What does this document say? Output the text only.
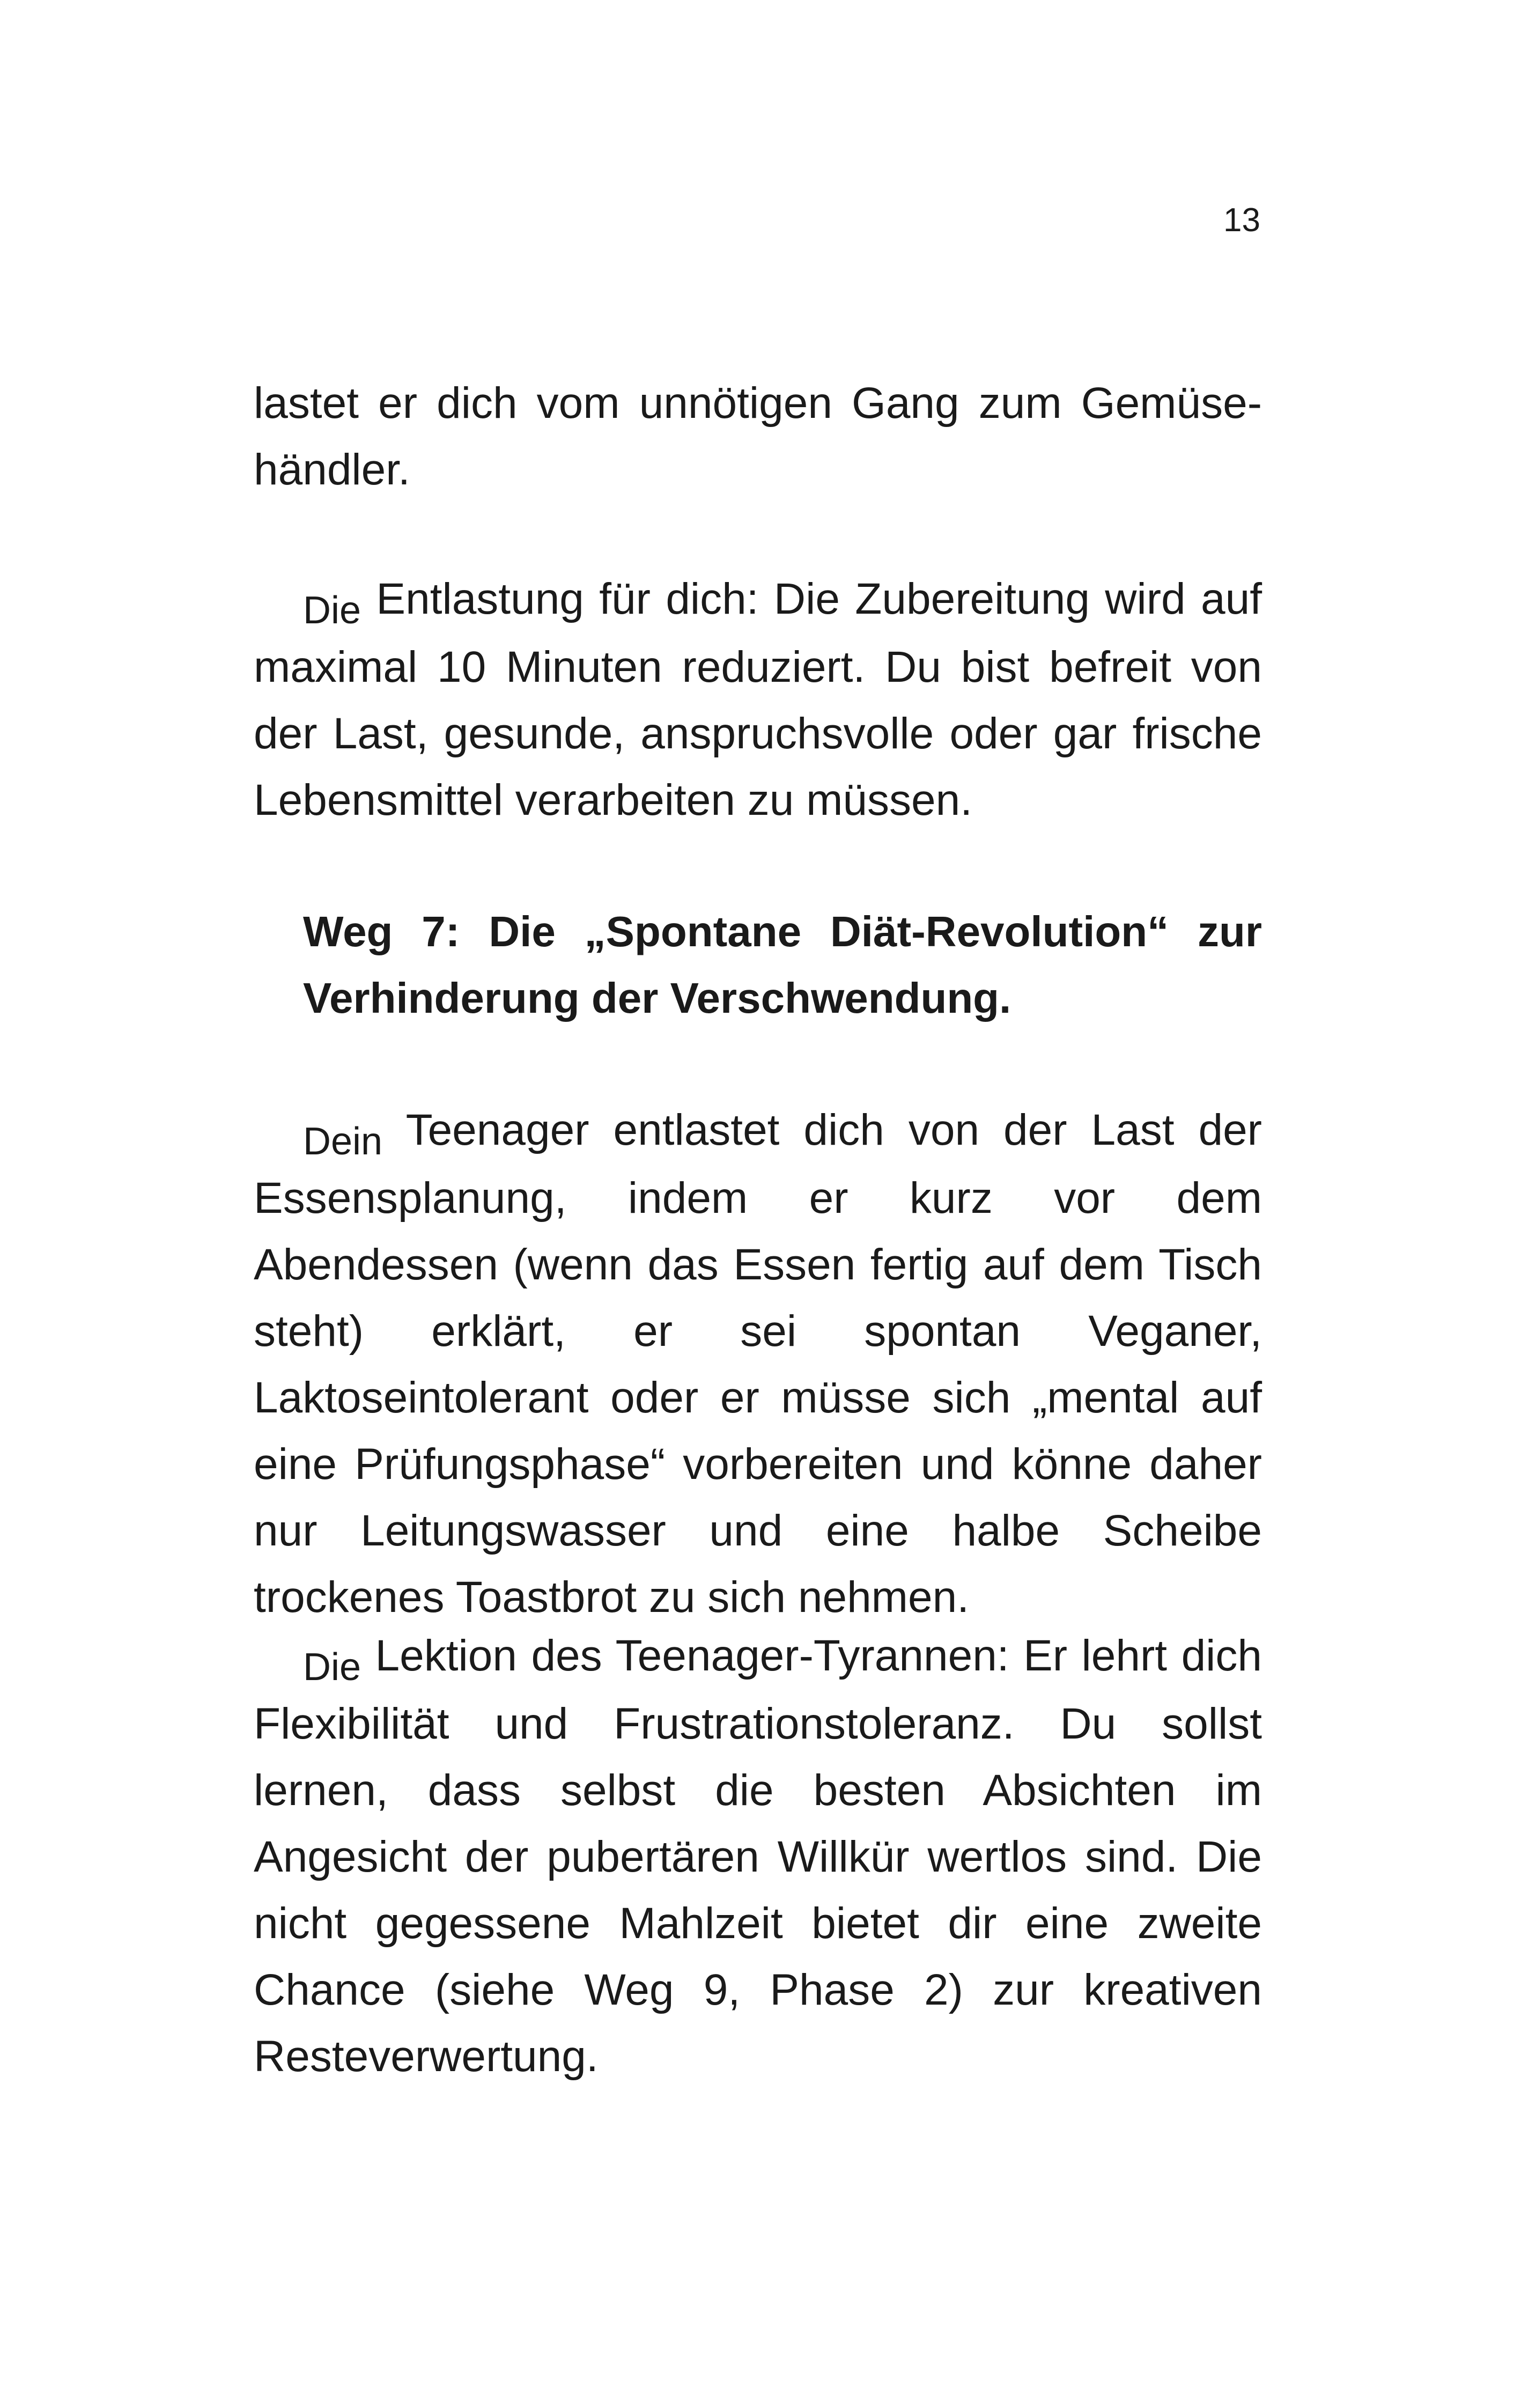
13

lastet er dich vom unnötigen Gang zum Gemüsehändler.

Die Entlastung für dich: Die Zubereitung wird auf maximal 10 Minuten reduziert. Du bist befreit von der Last, gesunde, anspruchsvolle oder gar frische Lebensmittel verarbeiten zu müssen.

Weg 7: Die „Spontane Diät-Revolution“ zur Verhinderung der Verschwendung.

Dein Teenager entlastet dich von der Last der Essensplanung, indem er kurz vor dem Abendessen (wenn das Essen fertig auf dem Tisch steht) erklärt, er sei spontan Veganer, Laktoseintolerant oder er müsse sich „mental auf eine Prüfungsphase“ vorbereiten und könne daher nur Leitungswasser und eine halbe Scheibe trockenes Toastbrot zu sich nehmen.

Die Lektion des Teenager-Tyrannen: Er lehrt dich Flexibilität und Frustrationstoleranz. Du sollst lernen, dass selbst die besten Absichten im Angesicht der pubertären Willkür wertlos sind. Die nicht gegessene Mahlzeit bietet dir eine zweite Chance (siehe Weg 9, Phase 2) zur kreativen Resteverwertung.
